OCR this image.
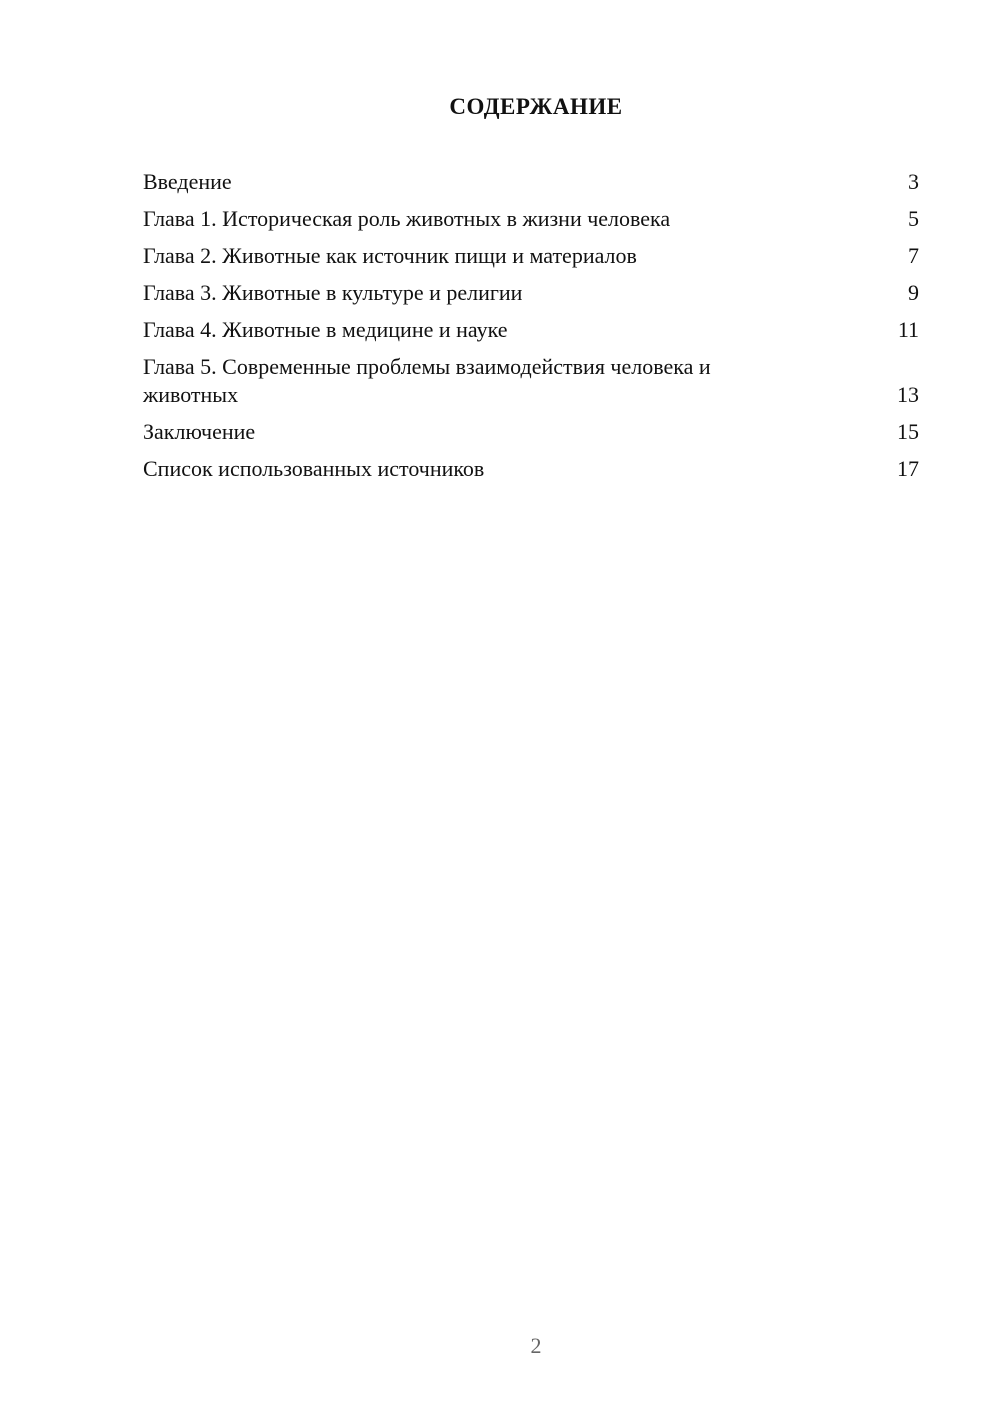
СОДЕРЖАНИЕ
Введение	3
Глава 1. Историческая роль животных в жизни человека	5
Глава 2. Животные как источник пищи и материалов	7
Глава 3. Животные в культуре и религии	9
Глава 4. Животные в медицине и науке	11
Глава 5. Современные проблемы взаимодействия человека и животных	13
Заключение	15
Список использованных источников	17
2
